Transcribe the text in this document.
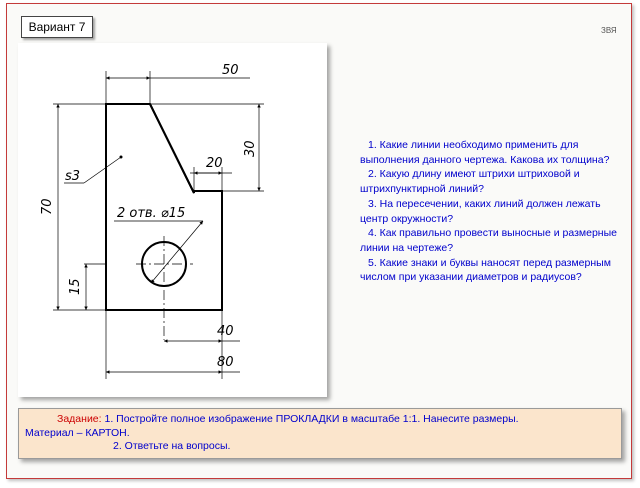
Вариант 7	ЗВЯ
50
30
20
s3
70	2 отв. ⌀15
15
40
80

1. Какие линии необходимо применить для выполнения данного чертежа. Какова их толщина?

2. Какую длину имеют штрихи штриховой и штрихпунктирной линий?

3. На пересечении, каких линий должен лежать центр окружности?

4. Как правильно провести выносные и размерные линии на чертеже?

5. Какие знаки и буквы наносят перед размерным числом при указании диаметров и радиусов?

Задание: 1. Постройте полное изображение ПРОКЛАДКИ в масштабе 1:1. Нанесите размеры.
Материал – КАРТОН.
2. Ответьте на вопросы.
